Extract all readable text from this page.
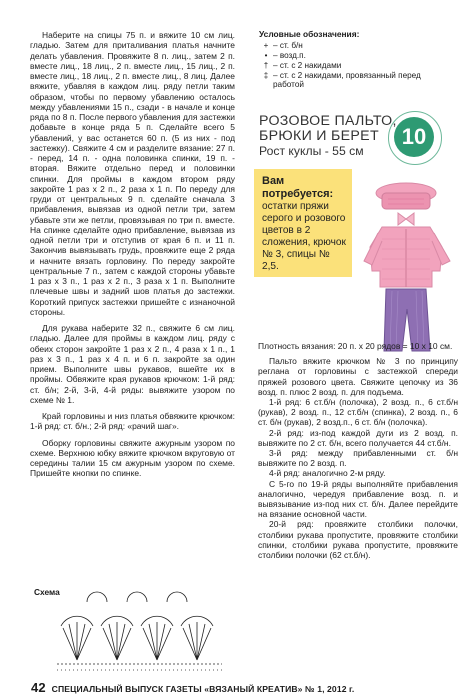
Наберите на спицы 75 п. и вяжите 10 см лиц. гладью. Затем для приталивания платья начните делать убавления. Провяжите 8 п. лиц., затем 2 п. вместе лиц., 18 лиц., 2 п. вместе лиц., 15 лиц., 2 п. вместе лиц., 18 лиц., 2 п. вместе лиц., 8 лиц. Далее вяжите, убавляя в каждом лиц. ряду петли таким образом, чтобы по первому убавлению осталось между убавлениями 15 п., сзади - в начале и конце ряда по 8 п. После первого убавления для застежки добавьте в конце ряда 5 п. Сделайте всего 5 убавлений, у вас останется 60 п. (5 из них - под застежку). Свяжите 4 см и разделите вязание: 27 п. - перед, 14 п. - одна половинка спинки, 19 п. - вторая. Вяжите отдельно перед и половинки спинки. Для проймы в каждом втором ряду закройте 1 раз х 2 п., 2 раза х 1 п. По переду для груди от центральных 9 п. сделайте сначала 3 прибавления, вывязав из одной петли три, затем убавьте эти же петли, провязывая по три п. вместе. На спинке сделайте одно прибавление, вывязав из одной петли три и отступив от края 6 п. и 11 п. Закончив вывязывать грудь, провяжите еще 2 ряда и начните вязать горловину. По переду закройте центральные 7 п., затем с каждой стороны убавьте 1 раз х 3 п., 1 раз х 2 п., 3 раза х 1 п. Выполните плечевые швы и задний шов платья до застежки. Короткий припуск застежки пришейте с изнаночной стороны.

Для рукава наберите 32 п., свяжите 6 см лиц. гладью. Далее для проймы в каждом лиц. ряду с обеих сторон закройте 1 раз х 2 п., 4 раза х 1 п., 1 раз х 3 п., 1 раз х 4 п. и 6 п. закройте за один прием. Выполните швы рукавов, вшейте их в проймы. Обвяжите края рукавов крючком: 1-й ряд: ст. б/н; 2-й, 3-й, 4-й ряды: вывяжите узором по схеме № 1.

Край горловины и низ платья обвяжите крючком: 1-й ряд: ст. б/н.; 2-й ряд: «рачий шаг».

Оборку горловины свяжите ажурным узором по схеме. Верхнюю юбку вяжите крючком вкруговую от середины талии 15 см ажурным узором по схеме. Пришейте кнопки по спинке.

Условные обозначения:
+ – ст. б/н
• – возд.п.
† – ст. с 2 накидами
‡ – ст. с 2 накидами, провязанный перед работой
РОЗОВОЕ ПАЛЬТО,
БРЮКИ И БЕРЕТ
Рост куклы - 55 см
10
Вам потребуется:
остатки пряжи серого и розового цветов в 2 сложения, крючок № 3, спицы № 2,5.

Плотность вязания: 20 п. х 20 рядов = 10 х 10 см.

Пальто вяжите крючком № 3 по принципу реглана от горловины с застежкой спереди пряжей розового цвета. Свяжите цепочку из 36 возд. п. плюс 2 возд. п. для подъема.

1-й ряд: 6 ст.б/н (полочка), 2 возд. п., 6 ст.б/н (рукав), 2 возд. п., 12 ст.б/н (спинка), 2 возд. п., 6 ст. б/н (рукав), 2 возд.п., 6 ст. б/н (полочка).

2-й ряд: из-под каждой дуги из 2 возд. п. вывяжите по 2 ст. б/н, всего получается 44 ст.б/н.

3-й ряд: между прибавленными ст. б/н вывяжите по 2 возд. п.

4-й ряд: аналогично 2-м ряду.

С 5-го по 19-й ряды выполняйте прибавления аналогично, чередуя прибавление возд. п. и вывязывание из-под них ст. б/н. Далее перейдите на вязание основной части.

20-й ряд: провяжите столбики полочки, столбики рукава пропустите, провяжите столбики спинки, столбики рукава пропустите, провяжите столбики полочки (62 ст.б/н).

Схема
42 СПЕЦИАЛЬНЫЙ ВЫПУСК ГАЗЕТЫ «ВЯЗАНЫЙ КРЕАТИВ» № 1, 2012 г.
